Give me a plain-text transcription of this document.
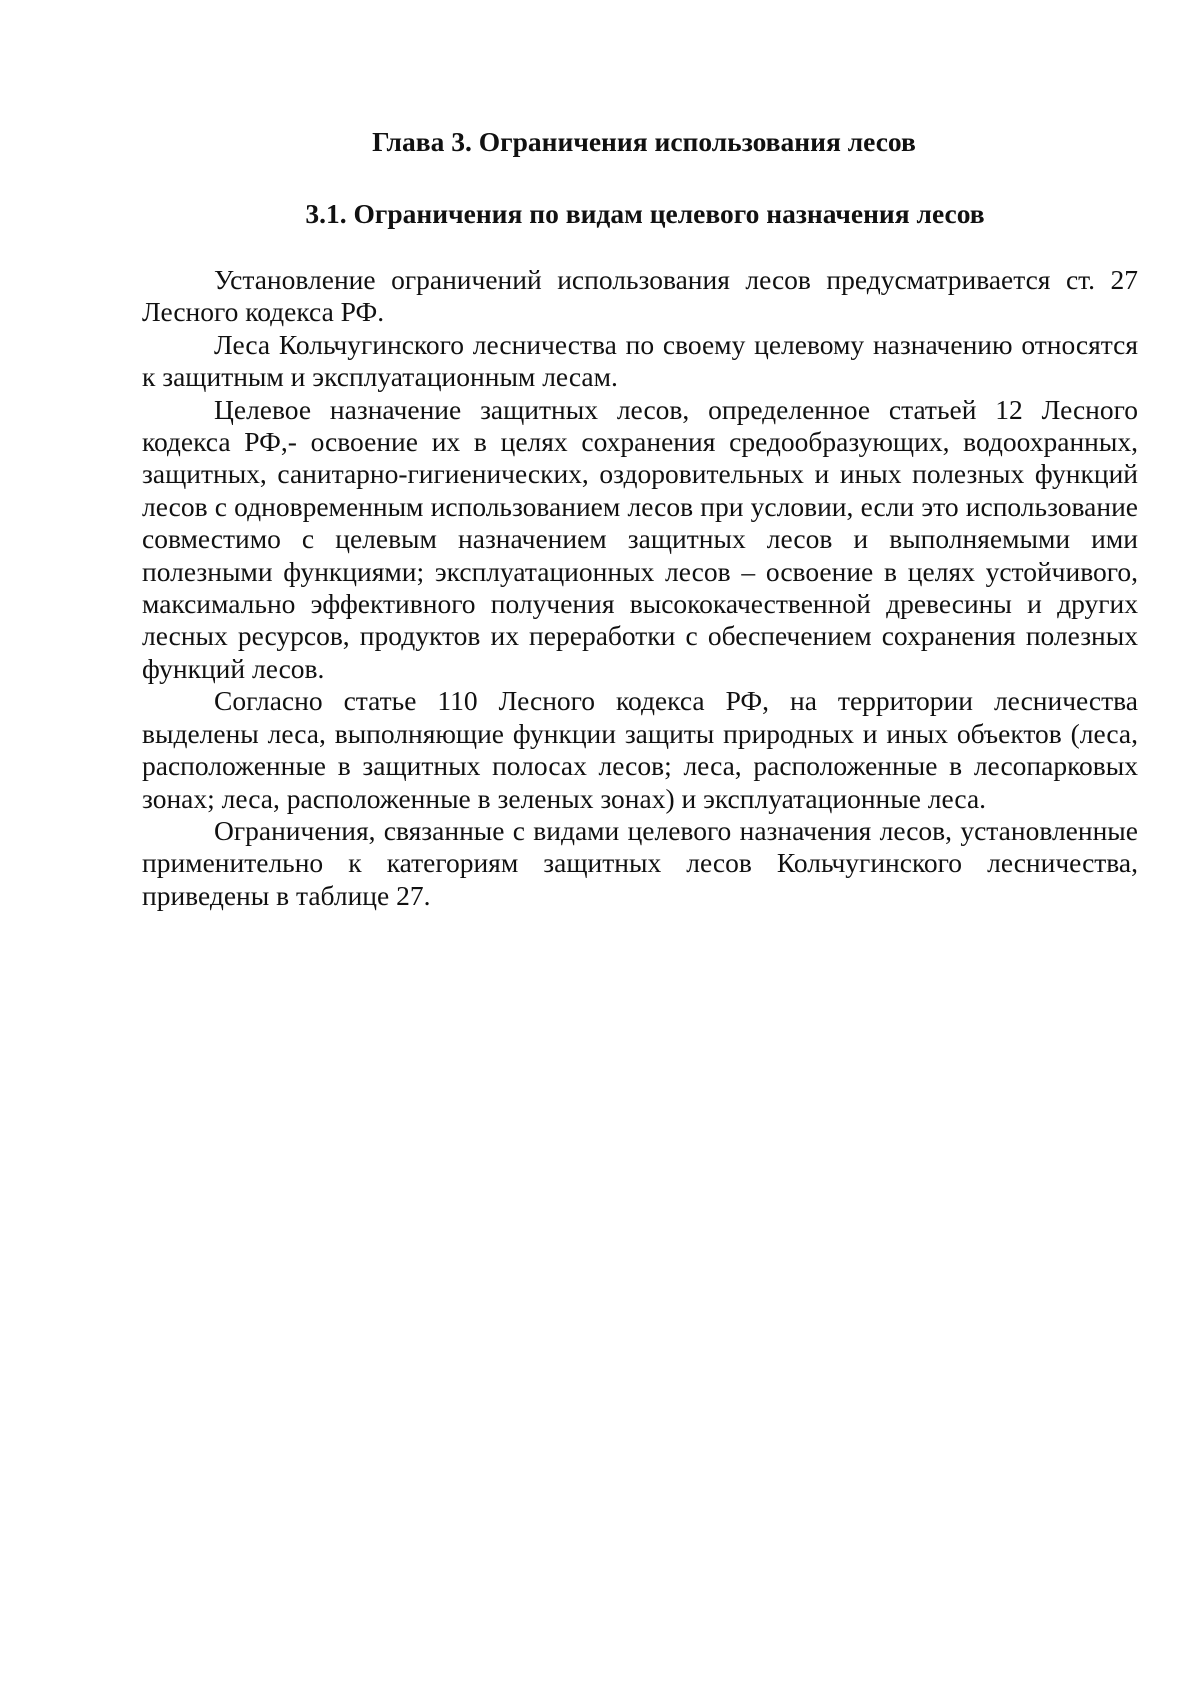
Глава 3. Ограничения использования лесов
3.1. Ограничения по видам целевого назначения лесов

Установление ограничений использования лесов предусматривается ст. 27 Лесного кодекса РФ.

Леса Кольчугинского лесничества по своему целевому назначению относятся к защитным и эксплуатационным лесам.

Целевое назначение защитных лесов, определенное статьей 12 Лесного кодекса РФ,- освоение их в целях сохранения средообразующих, водоохранных, защитных, санитарно-гигиенических, оздоровительных и иных полезных функций лесов с одновременным использованием лесов при условии, если это использование совместимо с целевым назначением защитных лесов и выполняемыми ими полезными функциями; эксплуатационных лесов – освоение в целях устойчивого, максимально эффективного получения высококачественной древесины и других лесных ресурсов, продуктов их переработки с обеспечением сохранения полезных функций лесов.

Согласно статье 110 Лесного кодекса РФ, на территории лесничества выделены леса, выполняющие функции защиты природных и иных объектов (леса, расположенные в защитных полосах лесов; леса, расположенные в лесопарковых зонах; леса, расположенные в зеленых зонах) и эксплуатационные леса.

Ограничения, связанные с видами целевого назначения лесов, установленные применительно к категориям защитных лесов Кольчугинского лесничества, приведены в таблице 27.
